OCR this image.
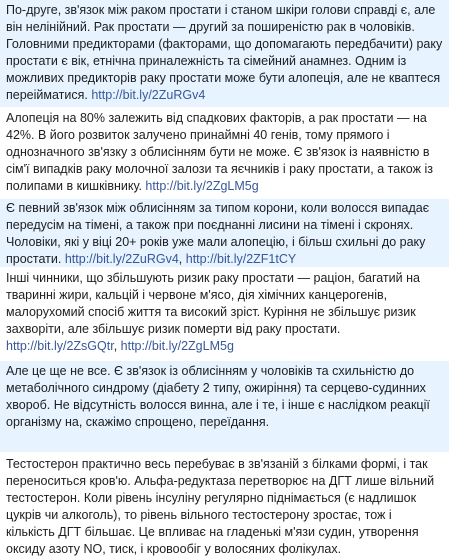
По-друге, зв'язок між раком простати і станом шкіри голови справді є, але він нелінійний. Рак простати — другий за поширеністю рак в чоловіків. Головними предикторами (факторами, що допомагають передбачити) раку простати є вік, етнічна приналежність та сімейний анамнез. Одним із можливих предикторів раку простати може бути алопеція, але не кваптеся переійматися. http://bit.ly/2ZuRGv4

Алопеція на 80% залежить від спадкових факторів, а рак простати — на 42%. В його розвиток залучено принаймні 40 генів, тому прямого і однозначного зв'язку з облисінням бути не може. Є зв'язок із наявністю в сім'ї випадків раку молочної залози та яєчників і раку простати, а також із полипами в кишківнику. http://bit.ly/2ZgLM5g

Є певний зв'язок між облисінням за типом корони, коли волосся випадає передусім на тімені, а також при поєднанні лисини на тімені і скронях. Чоловіки, які у віці 20+ років уже мали алопецію, і більш схильні до раку простати. http://bit.ly/2ZuRGv4, http://bit.ly/2ZF1tCY

Інші чинники, що збільшують ризик раку простати — раціон, багатий на тваринні жири, кальцій і червоне м'ясо, дія хімічних канцерогенів, малорухомий спосіб життя та високий зріст. Куріння не збільшує ризик захворіти, але збільшує ризик померти від раку простати. http://bit.ly/2ZsGQtr, http://bit.ly/2ZgLM5g

Але це ще не все. Є зв'язок із облисінням у чоловіків та схильністю до метаболічного синдрому (діабету 2 типу, ожиріння) та серцево-судинних хвороб. Не відсутність волосся винна, але і те, і інше є наслідком реакції організму на, скажімо спрощено, переїдання.

Тестостерон практично весь перебуває в зв'язаній з білками формі, і так переноситься кров'ю. Альфа-редуктаза перетворює на ДГТ лише вільний тестостерон. Коли рівень інсуліну регулярно піднімається (є надлишок цукрів чи алкоголь), то рівень вільного тестостерону зростає, тож і кількість ДГТ більшає. Це впливає на гладенькі м'язи судин, утворення оксиду азоту NO, тиск, і кровообіг у волосяних фолікулах.
